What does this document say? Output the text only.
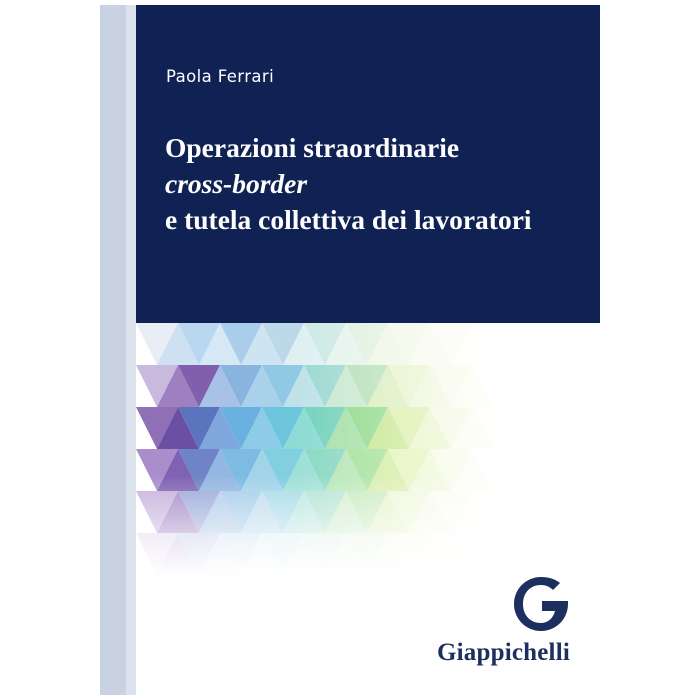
Paola Ferrari
Operazioni straordinarie
cross-border
e tutela collettiva dei lavoratori
Giappichelli
